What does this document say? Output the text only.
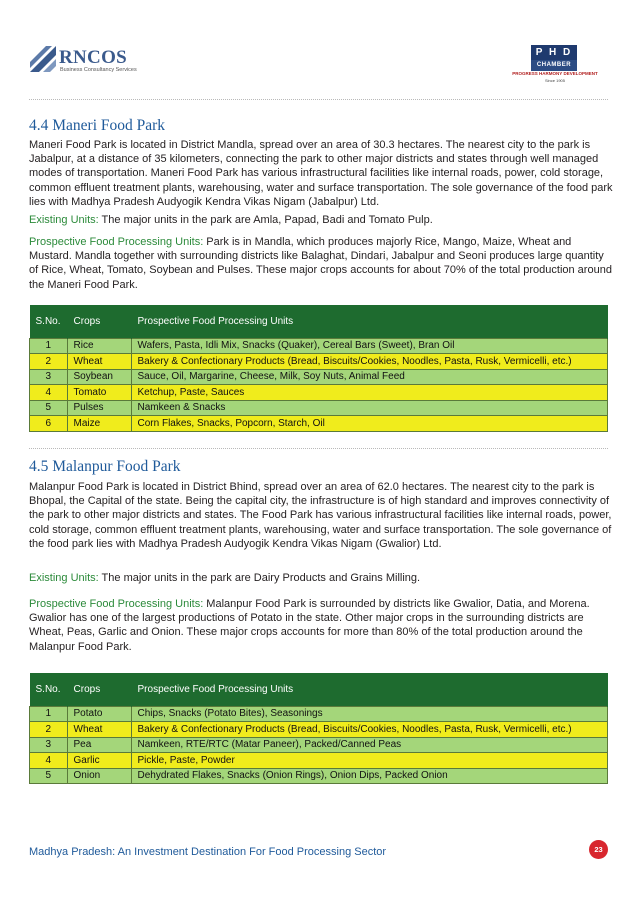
RNCOS
Business Consultancy Services
P H D
CHAMBER
PROGRESS HARMONY DEVELOPMENT
Since 1905
4.4 Maneri Food Park

Maneri Food Park is located in District Mandla, spread over an area of 30.3 hectares. The nearest city to the park is Jabalpur, at a distance of 35 kilometers, connecting the park to other major districts and states through well managed modes of transportation. Maneri Food Park has various infrastructural facilities like internal roads, power, cold storage, common effluent treatment plants, warehousing, water and surface transportation. The sole governance of the food park lies with Madhya Pradesh Audyogik Kendra Vikas Nigam (Jabalpur) Ltd.

Existing Units: The major units in the park are Amla, Papad, Badi and Tomato Pulp.

Prospective Food Processing Units: Park is in Mandla, which produces majorly Rice, Mango, Maize, Wheat and Mustard. Mandla together with surrounding districts like Balaghat, Dindari, Jabalpur and Seoni produces large quantity of Rice, Wheat, Tomato, Soybean and Pulses. These major crops accounts for about 70% of the total production around the Maneri Food Park.

S.No.	Crops	Prospective Food Processing Units
1	Rice	Wafers, Pasta, Idli Mix, Snacks (Quaker), Cereal Bars (Sweet), Bran Oil
2	Wheat	Bakery & Confectionary Products (Bread, Biscuits/Cookies, Noodles, Pasta, Rusk, Vermicelli, etc.)
3	Soybean	Sauce, Oil, Margarine, Cheese, Milk, Soy Nuts, Animal Feed
4	Tomato	Ketchup, Paste, Sauces
5	Pulses	Namkeen & Snacks
6	Maize	Corn Flakes, Snacks, Popcorn, Starch, Oil
4.5 Malanpur Food Park

Malanpur Food Park is located in District Bhind, spread over an area of 62.0 hectares. The nearest city to the park is Bhopal, the Capital of the state. Being the capital city, the infrastructure is of high standard and improves connectivity of the park to other major districts and states. The Food Park has various infrastructural facilities like internal roads, power, cold storage, common effluent treatment plants, warehousing, water and surface transportation. The sole governance of the food park lies with Madhya Pradesh Audyogik Kendra Vikas Nigam (Gwalior) Ltd.

Existing Units: The major units in the park are Dairy Products and Grains Milling.

Prospective Food Processing Units: Malanpur Food Park is surrounded by districts like Gwalior, Datia, and Morena. Gwalior has one of the largest productions of Potato in the state. Other major crops in the surrounding districts are Wheat, Peas, Garlic and Onion. These major crops accounts for more than 80% of the total production around the Malanpur Food Park.

S.No.	Crops	Prospective Food Processing Units
1	Potato	Chips, Snacks (Potato Bites), Seasonings
2	Wheat	Bakery & Confectionary Products (Bread, Biscuits/Cookies, Noodles, Pasta, Rusk, Vermicelli, etc.)
3	Pea	Namkeen, RTE/RTC (Matar Paneer), Packed/Canned Peas
4	Garlic	Pickle, Paste, Powder
5	Onion	Dehydrated Flakes, Snacks (Onion Rings), Onion Dips, Packed Onion
23
Madhya Pradesh: An Investment Destination For Food Processing Sector
